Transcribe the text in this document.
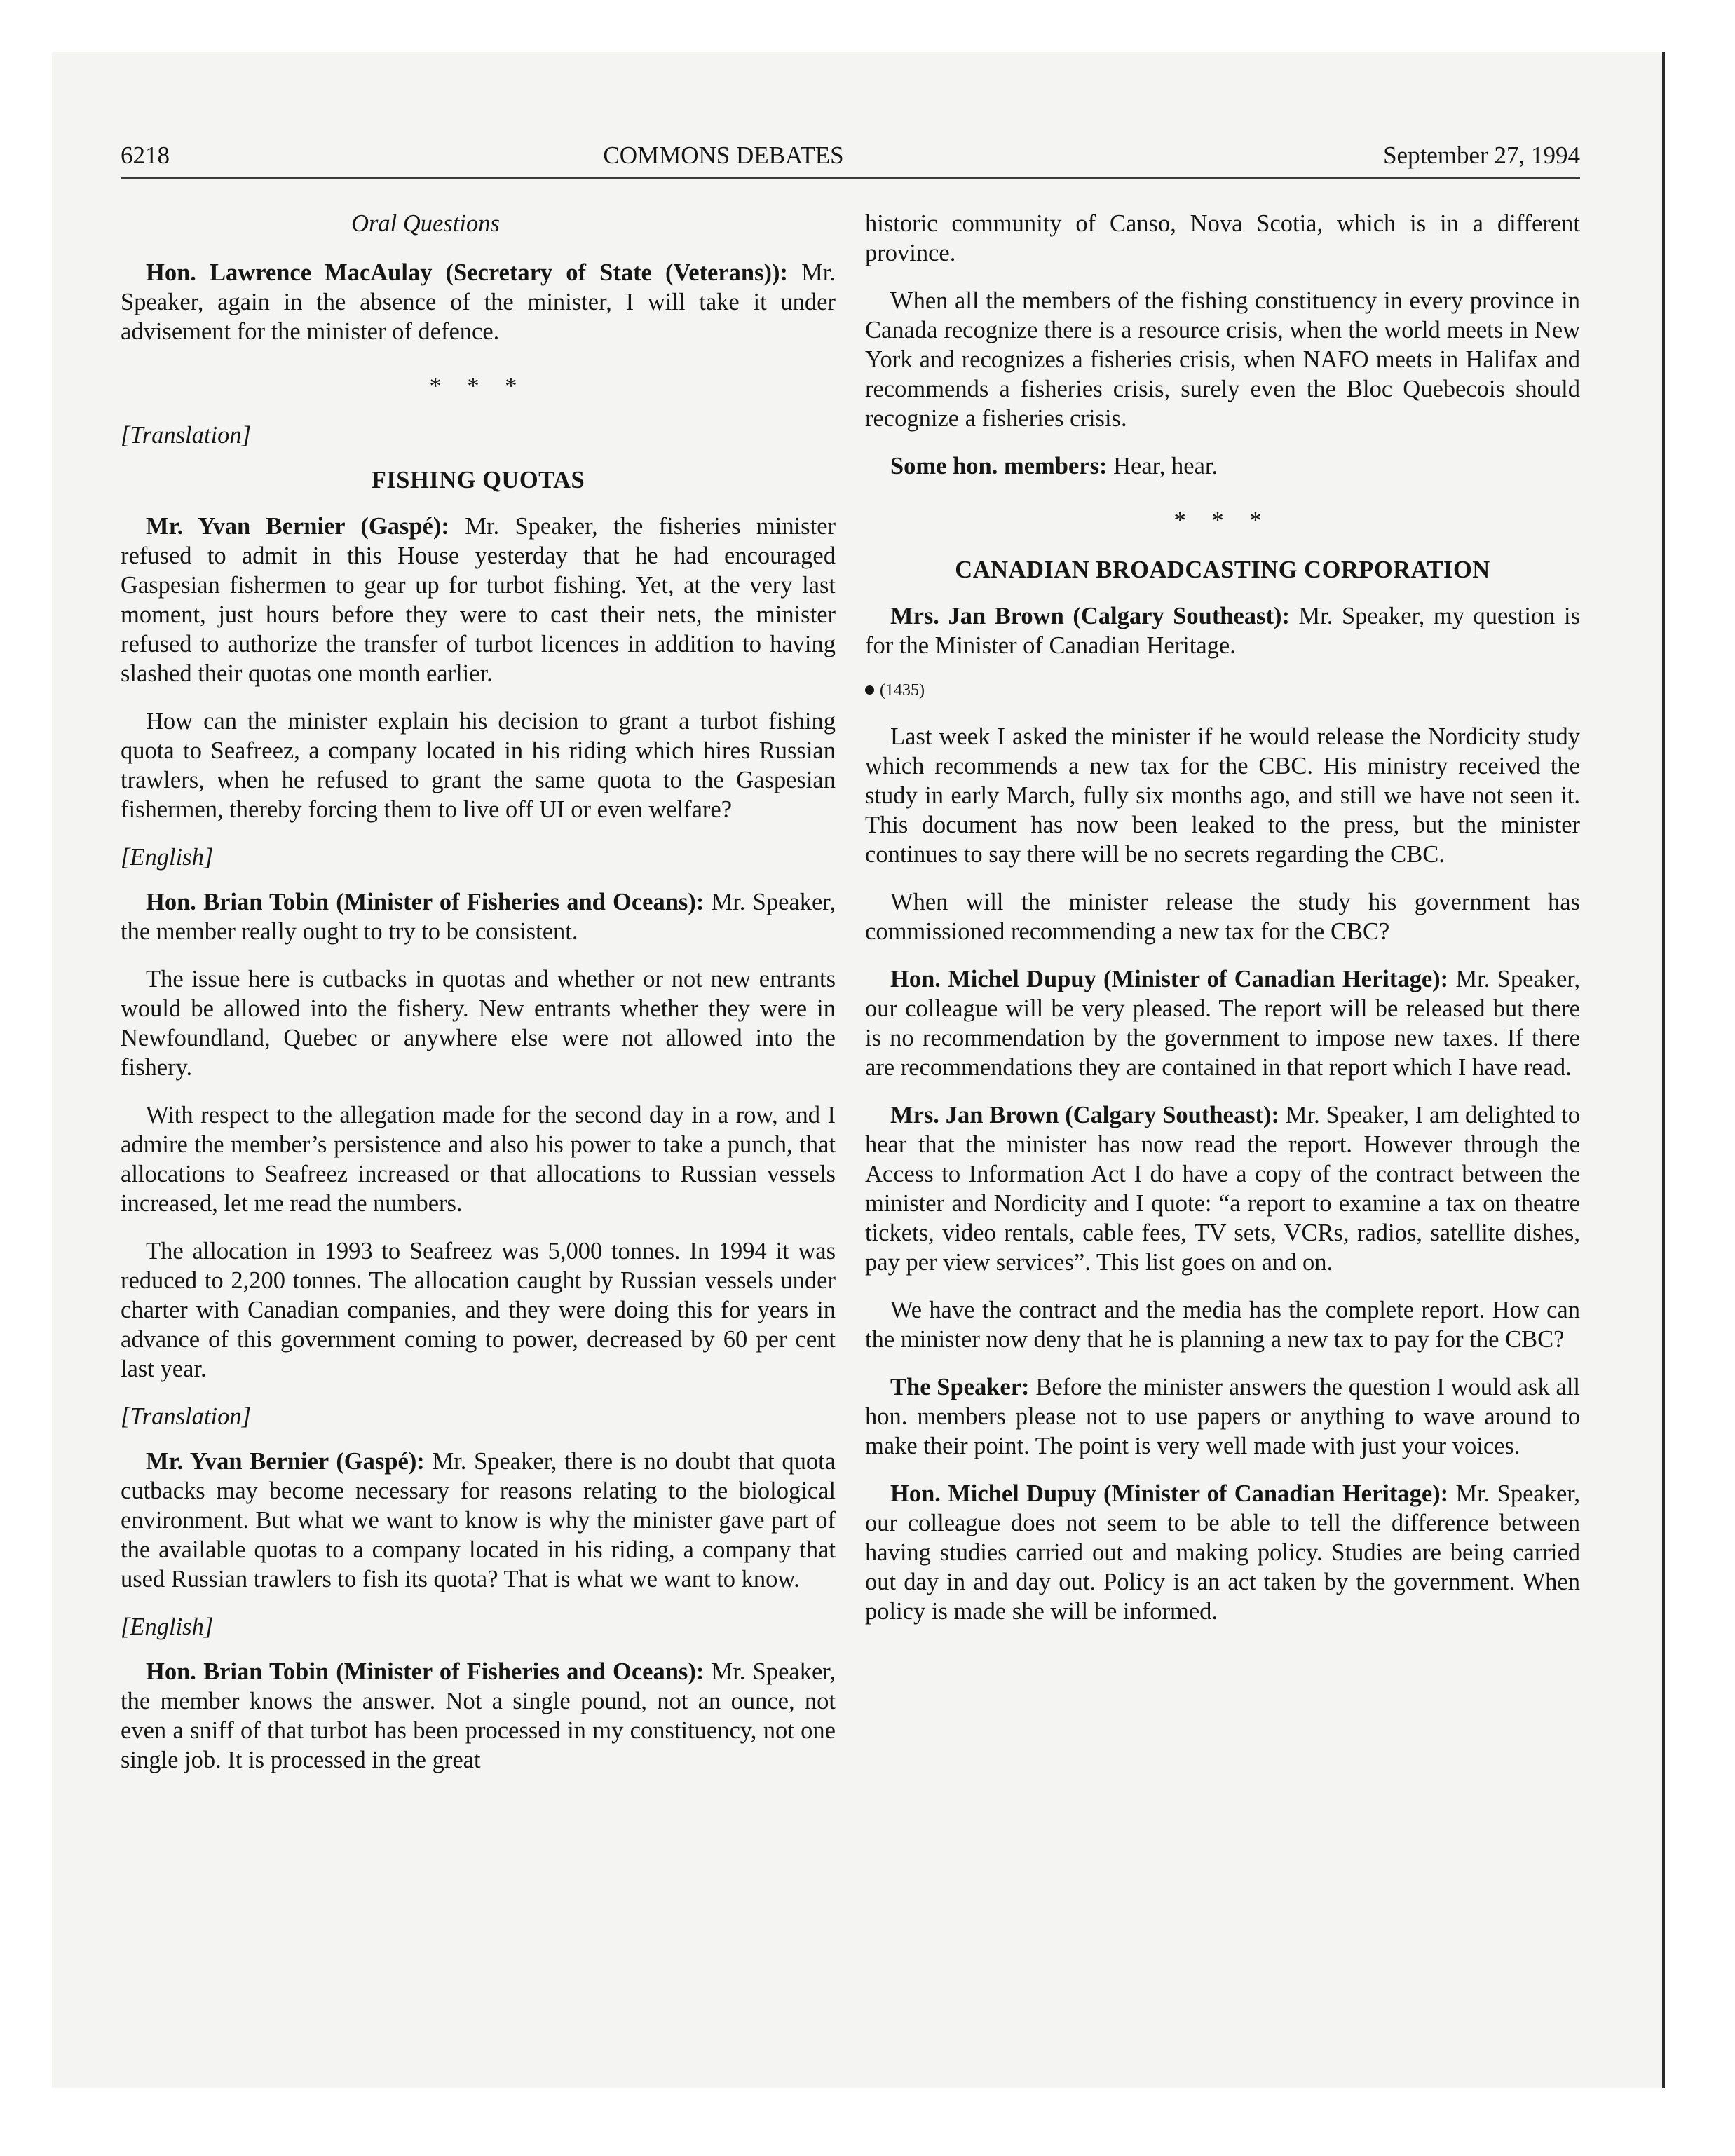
6218	COMMONS DEBATES	September 27, 1994
Oral Questions

Hon. Lawrence MacAulay (Secretary of State (Veterans)): Mr. Speaker, again in the absence of the minister, I will take it under advisement for the minister of defence.

* * *
[Translation]
FISHING QUOTAS

Mr. Yvan Bernier (Gaspé): Mr. Speaker, the fisheries minister refused to admit in this House yesterday that he had encouraged Gaspesian fishermen to gear up for turbot fishing. Yet, at the very last moment, just hours before they were to cast their nets, the minister refused to authorize the transfer of turbot licences in addition to having slashed their quotas one month earlier.

How can the minister explain his decision to grant a turbot fishing quota to Seafreez, a company located in his riding which hires Russian trawlers, when he refused to grant the same quota to the Gaspesian fishermen, thereby forcing them to live off UI or even welfare?

[English]

Hon. Brian Tobin (Minister of Fisheries and Oceans): Mr. Speaker, the member really ought to try to be consistent.

The issue here is cutbacks in quotas and whether or not new entrants would be allowed into the fishery. New entrants whether they were in Newfoundland, Quebec or anywhere else were not allowed into the fishery.

With respect to the allegation made for the second day in a row, and I admire the member’s persistence and also his power to take a punch, that allocations to Seafreez increased or that allocations to Russian vessels increased, let me read the numbers.

The allocation in 1993 to Seafreez was 5,000 tonnes. In 1994 it was reduced to 2,200 tonnes. The allocation caught by Russian vessels under charter with Canadian companies, and they were doing this for years in advance of this government coming to power, decreased by 60 per cent last year.

[Translation]

Mr. Yvan Bernier (Gaspé): Mr. Speaker, there is no doubt that quota cutbacks may become necessary for reasons relating to the biological environment. But what we want to know is why the minister gave part of the available quotas to a company located in his riding, a company that used Russian trawlers to fish its quota? That is what we want to know.

[English]

Hon. Brian Tobin (Minister of Fisheries and Oceans): Mr. Speaker, the member knows the answer. Not a single pound, not an ounce, not even a sniff of that turbot has been processed in my constituency, not one single job. It is processed in the great

historic community of Canso, Nova Scotia, which is in a different province.

When all the members of the fishing constituency in every province in Canada recognize there is a resource crisis, when the world meets in New York and recognizes a fisheries crisis, when NAFO meets in Halifax and recommends a fisheries crisis, surely even the Bloc Quebecois should recognize a fisheries crisis.

Some hon. members: Hear, hear.

* * *
CANADIAN BROADCASTING CORPORATION

Mrs. Jan Brown (Calgary Southeast): Mr. Speaker, my question is for the Minister of Canadian Heritage.

(1435)

Last week I asked the minister if he would release the Nordicity study which recommends a new tax for the CBC. His ministry received the study in early March, fully six months ago, and still we have not seen it. This document has now been leaked to the press, but the minister continues to say there will be no secrets regarding the CBC.

When will the minister release the study his government has commissioned recommending a new tax for the CBC?

Hon. Michel Dupuy (Minister of Canadian Heritage): Mr. Speaker, our colleague will be very pleased. The report will be released but there is no recommendation by the government to impose new taxes. If there are recommendations they are contained in that report which I have read.

Mrs. Jan Brown (Calgary Southeast): Mr. Speaker, I am delighted to hear that the minister has now read the report. However through the Access to Information Act I do have a copy of the contract between the minister and Nordicity and I quote: “a report to examine a tax on theatre tickets, video rentals, cable fees, TV sets, VCRs, radios, satellite dishes, pay per view services”. This list goes on and on.

We have the contract and the media has the complete report. How can the minister now deny that he is planning a new tax to pay for the CBC?

The Speaker: Before the minister answers the question I would ask all hon. members please not to use papers or anything to wave around to make their point. The point is very well made with just your voices.

Hon. Michel Dupuy (Minister of Canadian Heritage): Mr. Speaker, our colleague does not seem to be able to tell the difference between having studies carried out and making policy. Studies are being carried out day in and day out. Policy is an act taken by the government. When policy is made she will be informed.
